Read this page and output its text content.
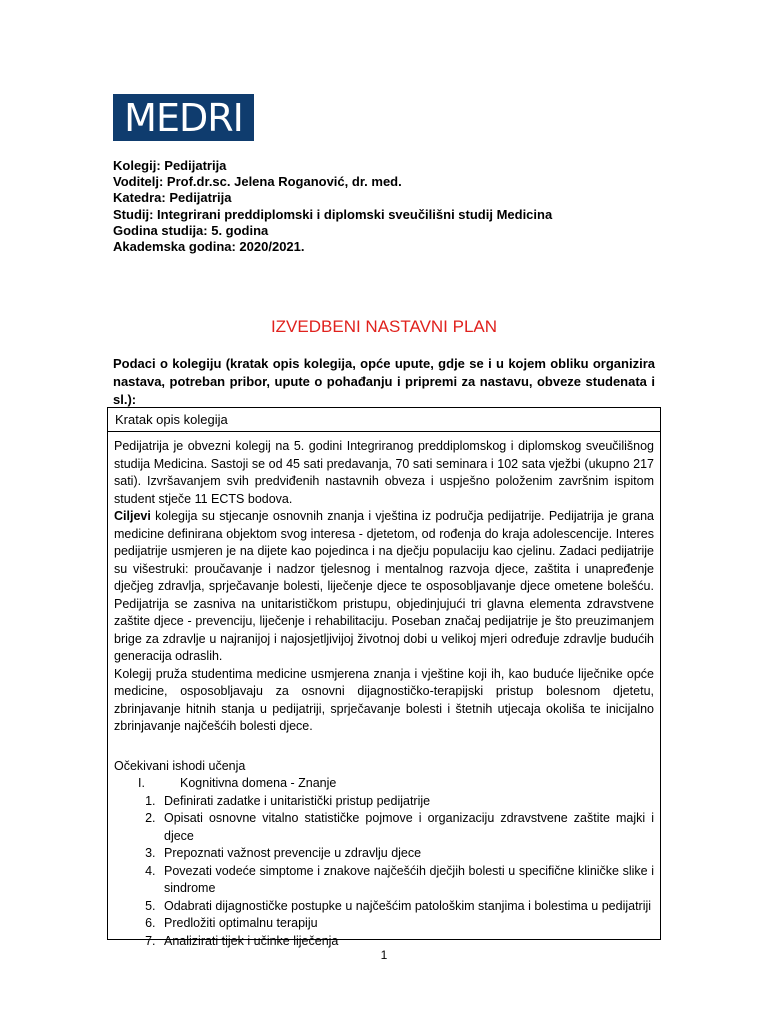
MEDRI
Kolegij: Pedijatrija
Voditelj: Prof.dr.sc. Jelena Roganović, dr. med.
Katedra: Pedijatrija
Studij: Integrirani preddiplomski i diplomski sveučilišni studij Medicina
Godina studija: 5. godina
Akademska godina: 2020/2021.
IZVEDBENI NASTAVNI PLAN
Podaci o kolegiju (kratak opis kolegija, opće upute, gdje se i u kojem obliku organizira nastava, potreban pribor, upute o pohađanju i pripremi za nastavu, obveze studenata i sl.):
Kratak opis kolegija

Pedijatrija je obvezni kolegij na 5. godini Integriranog preddiplomskog i diplomskog sveučilišnog studija Medicina. Sastoji se od 45 sati predavanja, 70 sati seminara i 102 sata vježbi (ukupno 217 sati). Izvršavanjem svih predviđenih nastavnih obveza i uspješno položenim završnim ispitom student stječe 11 ECTS bodova.

Ciljevi kolegija su stjecanje osnovnih znanja i vještina iz područja pedijatrije. Pedijatrija je grana medicine definirana objektom svog interesa - djetetom, od rođenja do kraja adolescencije. Interes pedijatrije usmjeren je na dijete kao pojedinca i na dječju populaciju kao cjelinu. Zadaci pedijatrije su višestruki: proučavanje i nadzor tjelesnog i mentalnog razvoja djece, zaštita i unapređenje dječjeg zdravlja, sprječavanje bolesti, liječenje djece te osposobljavanje djece ometene bolešću. Pedijatrija se zasniva na unitarističkom pristupu, objedinjujući tri glavna elementa zdravstvene zaštite djece - prevenciju, liječenje i rehabilitaciju. Poseban značaj pedijatrije je što preuzimanjem brige za zdravlje u najranijoj i najosjetljivijoj životnoj dobi u velikoj mjeri određuje zdravlje budućih generacija odraslih.

Kolegij pruža studentima medicine usmjerena znanja i vještine koji ih, kao buduće liječnike opće medicine, osposobljavaju za osnovni dijagnostičko-terapijski pristup bolesnom djetetu, zbrinjavanje hitnih stanja u pedijatriji, sprječavanje bolesti i štetnih utjecaja okoliša te inicijalno zbrinjavanje najčešćih bolesti djece.

Očekivani ishodi učenja

I.	Kognitivna domena - Znanje
1. Definirati zadatke i unitaristički pristup pedijatrije
2. Opisati osnovne vitalno statističke pojmove i organizaciju zdravstvene zaštite majki i djece
3. Prepoznati važnost prevencije u zdravlju djece
4. Povezati vodeće simptome i znakove najčešćih dječjih bolesti u specifične kliničke slike i sindrome
5. Odabrati dijagnostičke postupke u najčešćim patološkim stanjima i bolestima u pedijatriji
6. Predložiti optimalnu terapiju
7. Analizirati tijek i učinke liječenja
1
